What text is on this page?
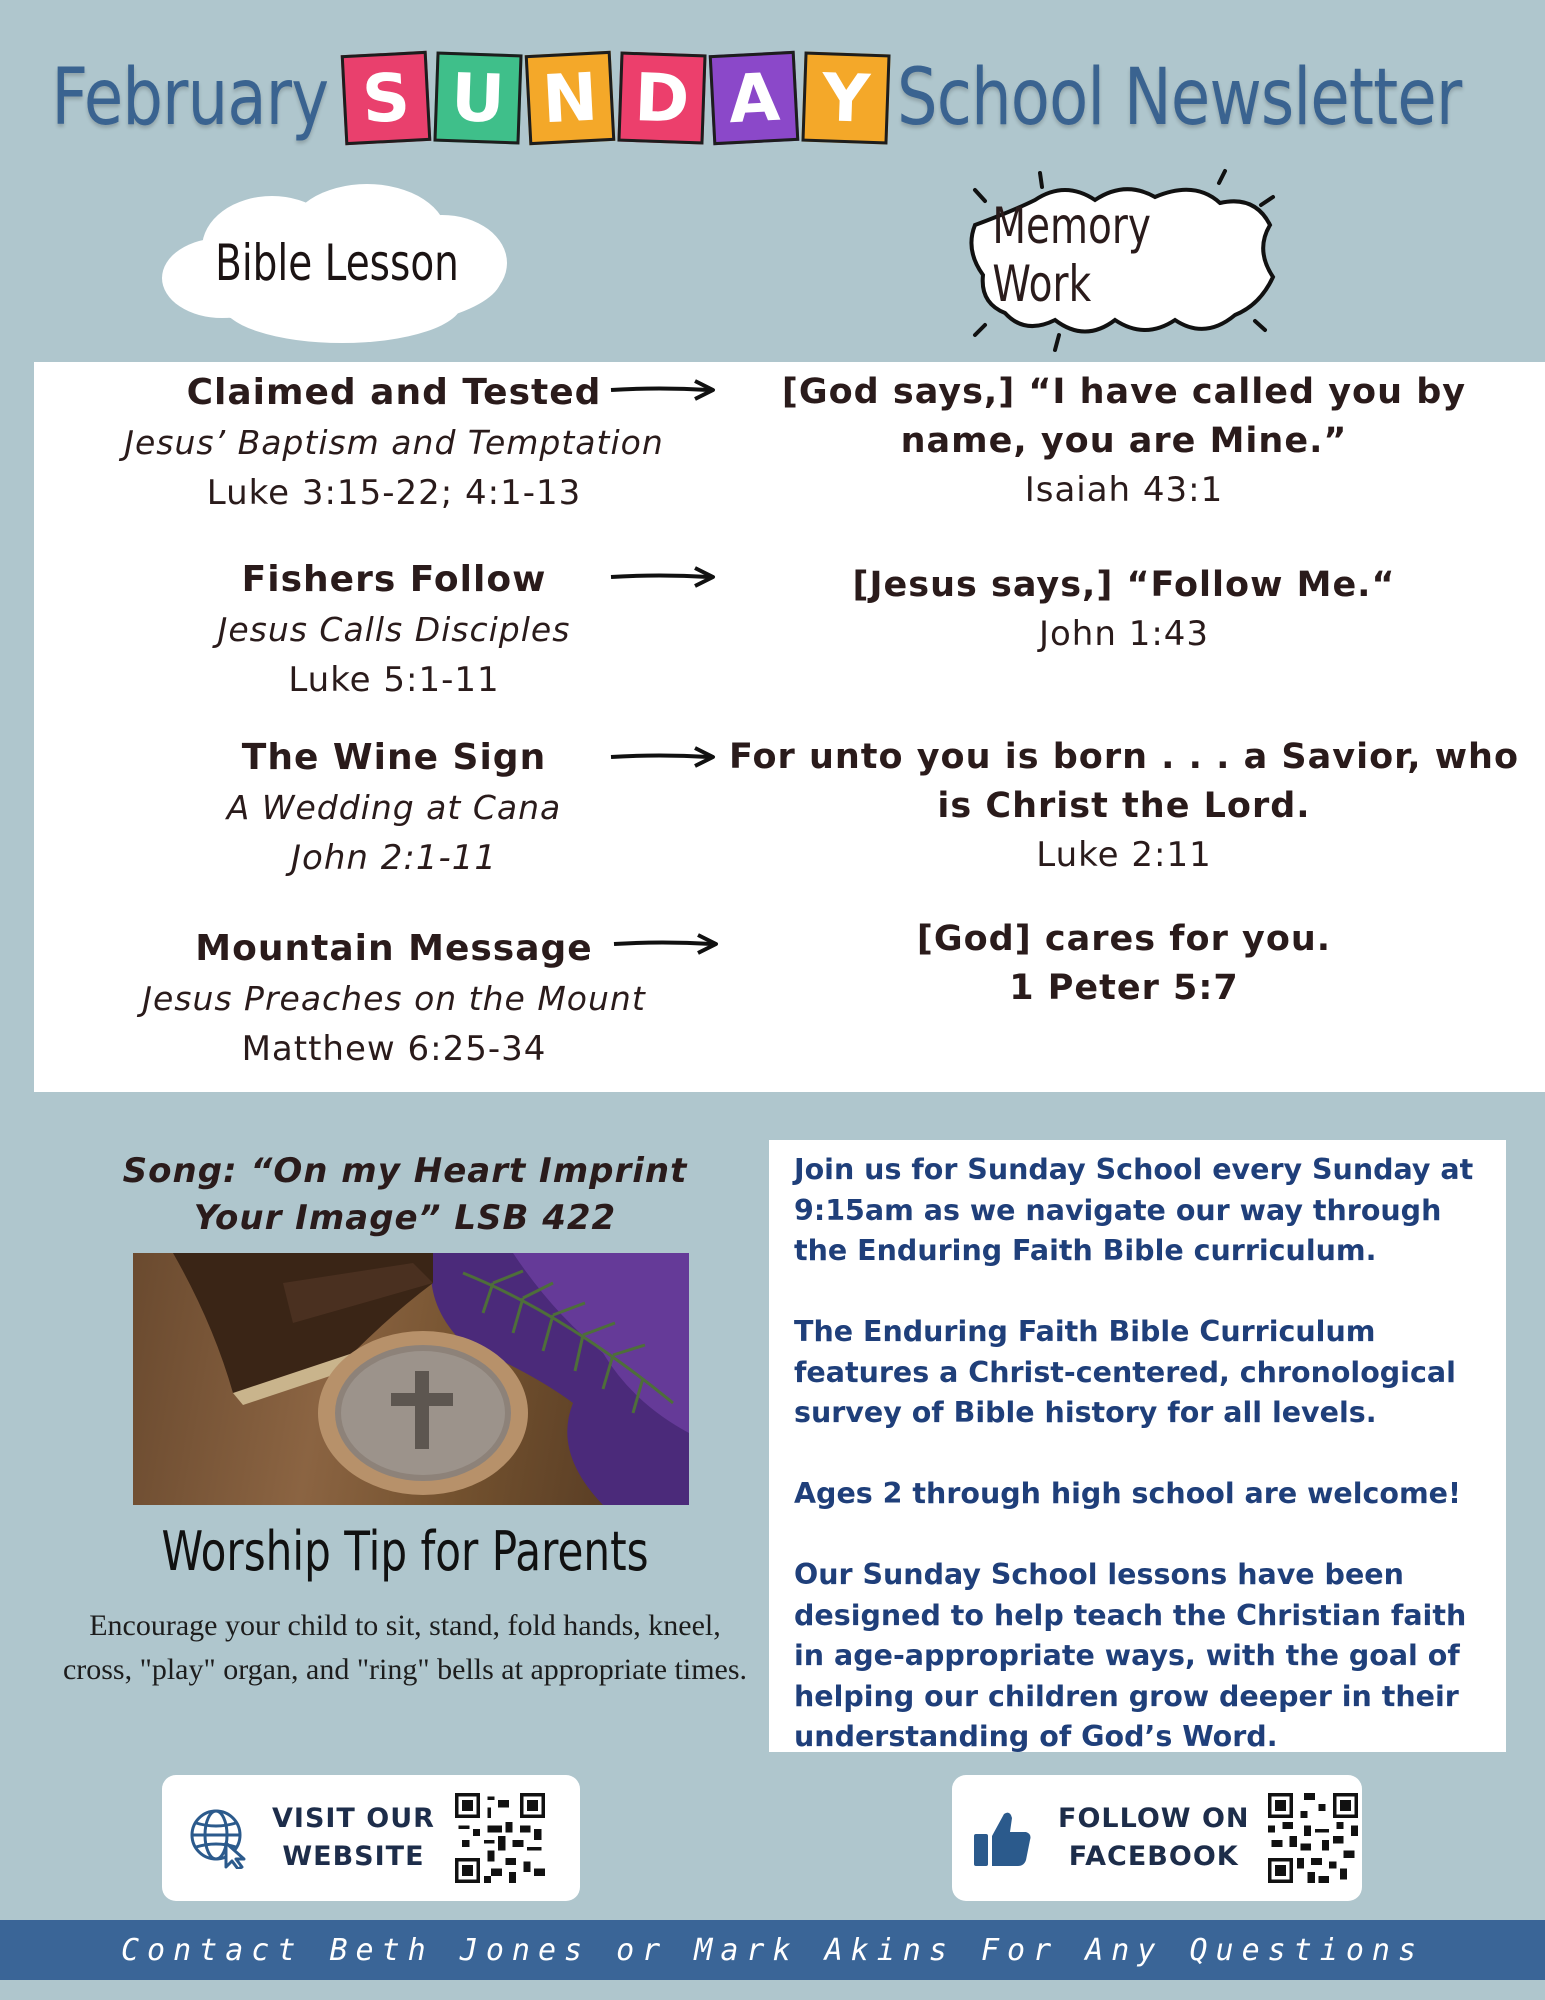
February S U N D A Y School Newsletter
Bible Lesson
Memory Work
Claimed and Tested
Jesus’ Baptism and Temptation
Luke 3:15-22; 4:1-13
[God says,] “I have called you by
name, you are Mine.”
Isaiah 43:1
Fishers Follow
Jesus Calls Disciples
Luke 5:1-11
[Jesus says,] “Follow Me.“
John 1:43
The Wine Sign
A Wedding at Cana
John 2:1-11
For unto you is born . . . a Savior, who
is Christ the Lord.
Luke 2:11
Mountain Message
Jesus Preaches on the Mount
Matthew 6:25-34
[God] cares for you.
1 Peter 5:7
Song: “On my Heart Imprint
Your Image” LSB 422
Worship Tip for Parents
Encourage your child to sit, stand, fold hands, kneel, cross, "play" organ, and "ring" bells at appropriate times.

Join us for Sunday School every Sunday at 9:15am as we navigate our way through the Enduring Faith Bible curriculum.

The Enduring Faith Bible Curriculum features a Christ-centered, chronological survey of Bible history for all levels.

Ages 2 through high school are welcome!

Our Sunday School lessons have been designed to help teach the Christian faith in age-appropriate ways, with the goal of helping our children grow deeper in their understanding of God’s Word.

VISIT OUR
WEBSITE
FOLLOW ON
FACEBOOK
Contact Beth Jones or Mark Akins For Any Questions
